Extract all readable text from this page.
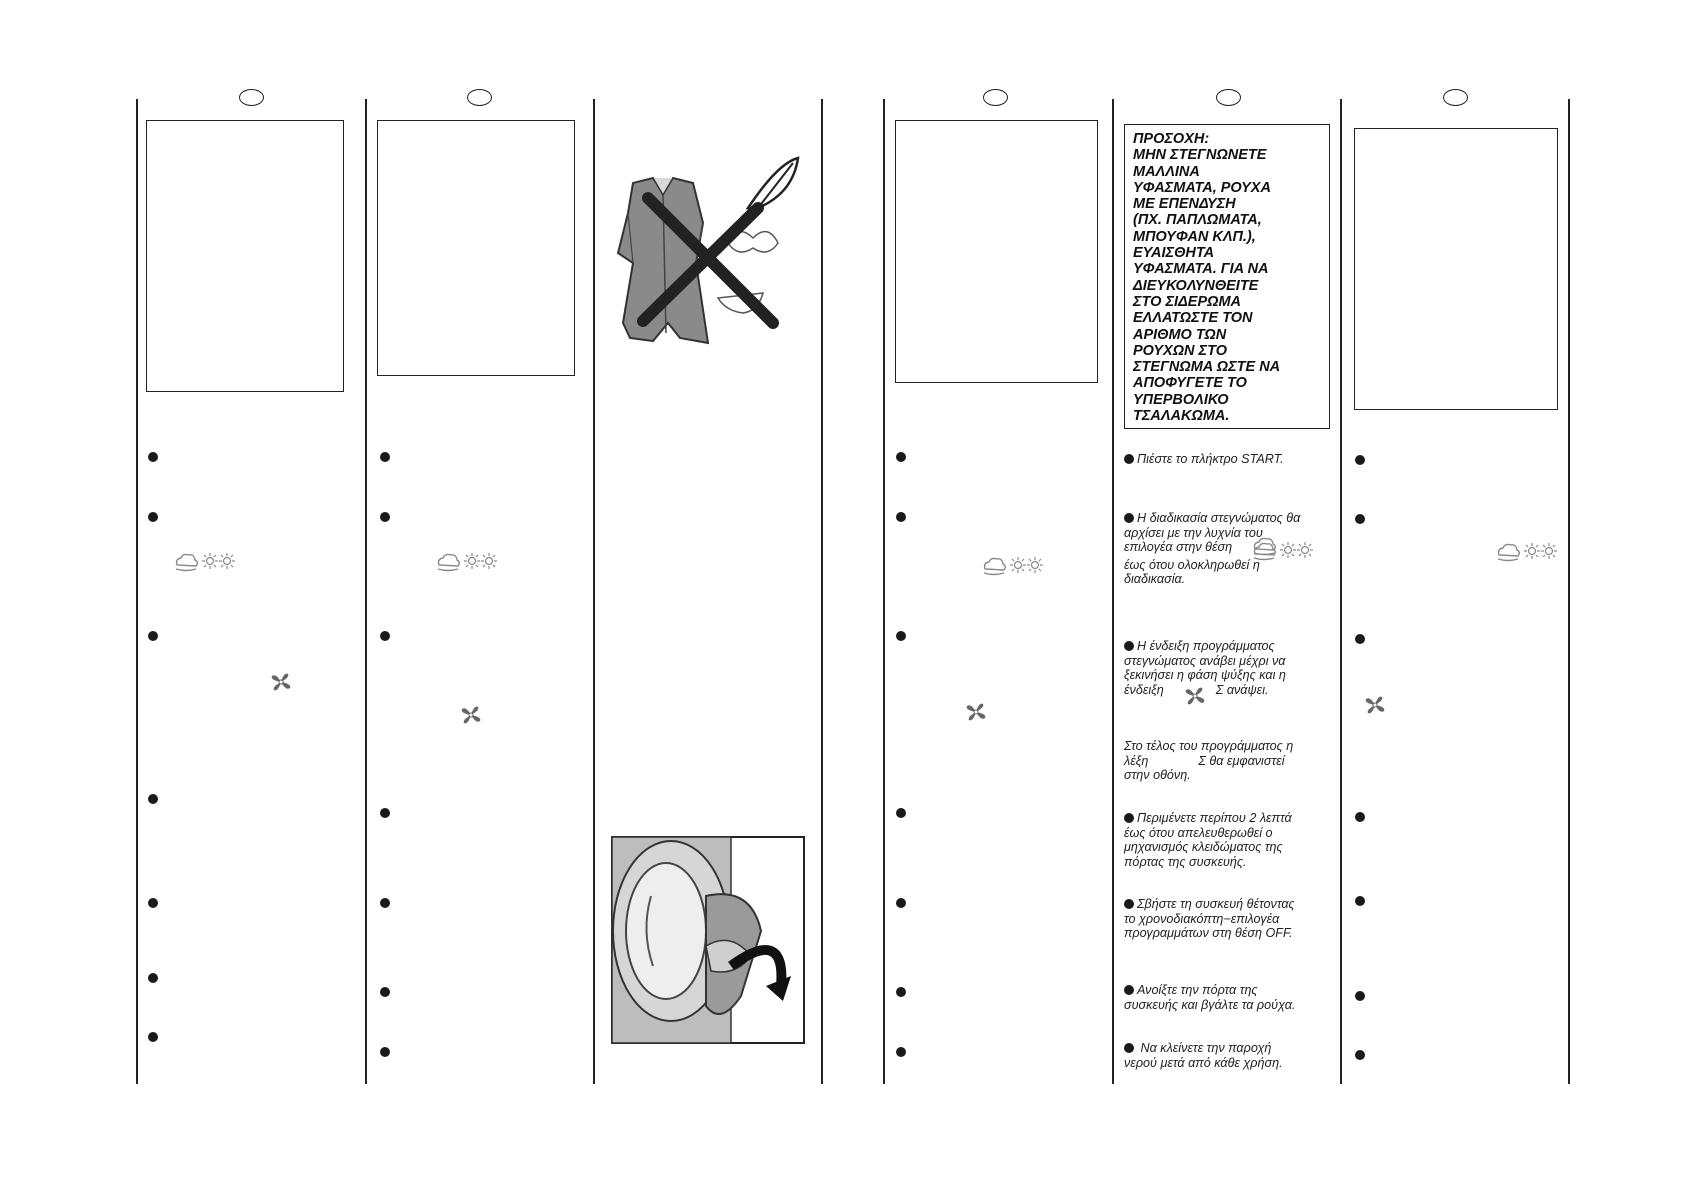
ΠΡΟΣΟΧΗ:
ΜΗΝ ΣΤΕΓΝΩΝΕΤΕ
ΜΑΛΛΙΝΑ
ΥΦΑΣΜΑΤΑ, ΡΟΥΧΑ
ΜΕ ΕΠΕΝΔΥΣΗ
(ΠΧ. ΠΑΠΛΩΜΑΤΑ,
ΜΠΟΥΦΑΝ ΚΛΠ.),
ΕΥΑΙΣΘΗΤΑ
ΥΦΑΣΜΑΤΑ. ΓΙΑ ΝΑ
ΔΙΕΥΚΟΛΥΝΘΕΙΤΕ
ΣΤΟ ΣΙΔΕΡΩΜΑ
ΕΛΛΑΤΩΣΤΕ ΤΟΝ
ΑΡΙΘΜΟ ΤΩΝ
ΡΟΥΧΩΝ ΣΤΟ
ΣΤΕΓΝΩΜΑ ΩΣΤΕ ΝΑ
ΑΠΟΦΥΓΕΤΕ ΤΟ
ΥΠΕΡΒΟΛΙΚΟ
ΤΣΑΛΑΚΩΜΑ.

Πιέστε το πλήκτρο START.

Η διαδικασία στεγνώματος θα
αρχίσει με την λυχνία του
επιλογέα στην θέση
έως ότου ολοκληρωθεί η
διαδικασία.

Η ένδειξη προγράμματος
στεγνώματος ανάβει μέχρι να
ξεκινήσει η φάση ψύξης και η
ένδειξη	Σ ανάψει.

Στο τέλος του προγράμματος η
λέξη	Σ θα εμφανιστεί
στην οθόνη.

Περιμένετε περίπου 2 λεπτά
έως ότου απελευθερωθεί ο
μηχανισμός κλειδώματος της
πόρτας της συσκευής.

Σβήστε τη συσκευή θέτοντας
το χρονοδιακόπτη−επιλογέα
προγραμμάτων στη θέση OFF.

Ανοίξτε την πόρτα της
συσκευής και βγάλτε τα ρούχα.

Να κλείνετε την παροχή
νερού μετά από κάθε χρήση.
